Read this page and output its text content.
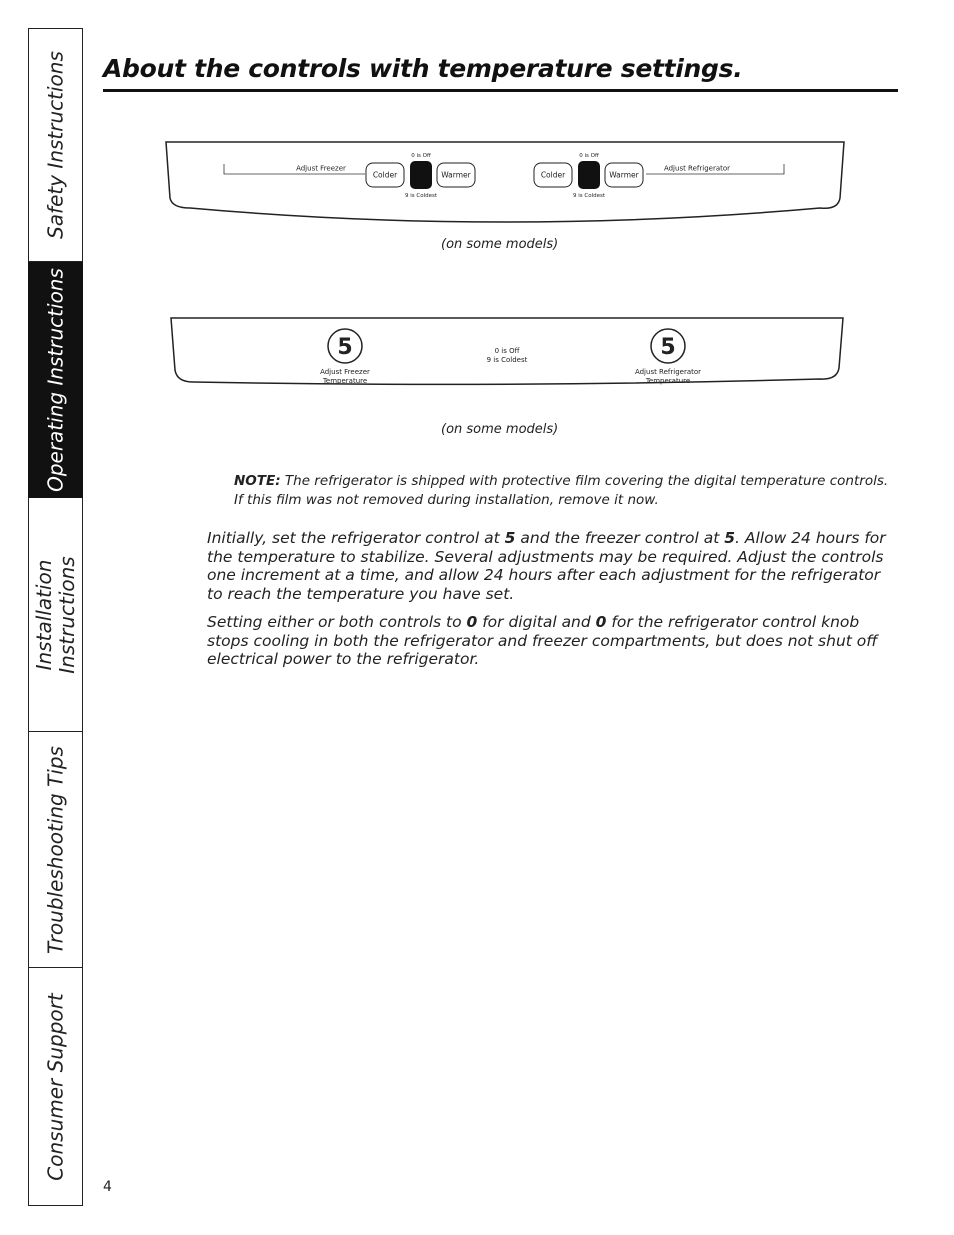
Safety Instructions
Operating Instructions
Installation Instructions
Troubleshooting Tips
Consumer Support
About the controls with temperature settings.
Adjust Freezer
Colder
0 is Off
9 is Coldest
Warmer	Colder
0 is Off
9 is Coldest
Warmer
Adjust Refrigerator
(on some models)
5
Adjust Freezer
Temperature
0 is Off
9 is Coldest	5
Adjust Refrigerator
Temperature
(on some models)
NOTE: The refrigerator is shipped with protective film covering the digital temperature controls. If this film was not removed during installation, remove it now.

Initially, set the refrigerator control at 5 and the freezer control at 5. Allow 24 hours for the temperature to stabilize. Several adjustments may be required. Adjust the controls one increment at a time, and allow 24 hours after each adjustment for the refrigerator to reach the temperature you have set.

Setting either or both controls to 0 for digital and 0 for the refrigerator control knob stops cooling in both the refrigerator and freezer compartments, but does not shut off electrical power to the refrigerator.

4
